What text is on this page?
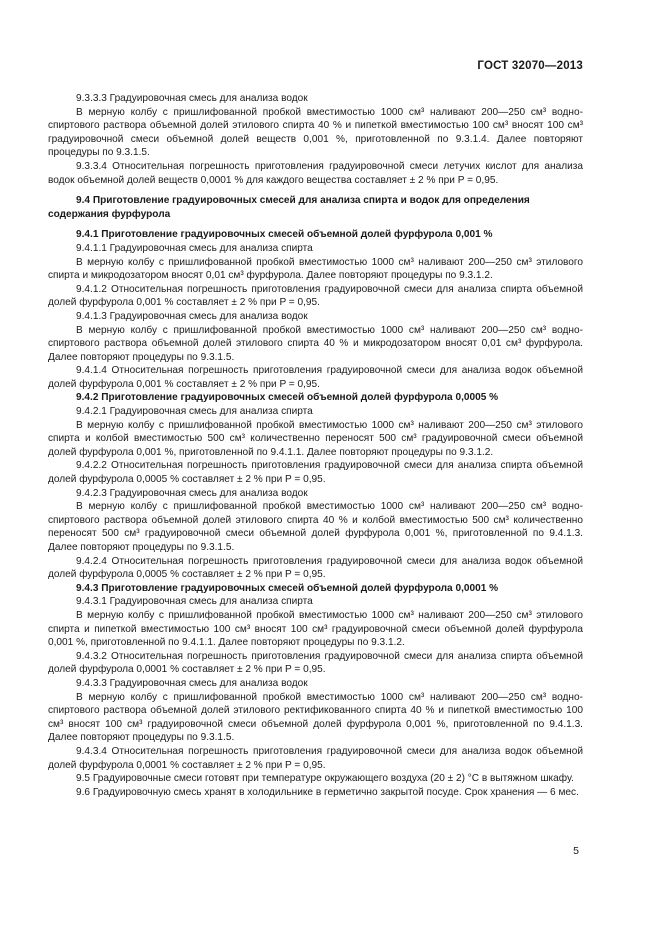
ГОСТ 32070—2013

9.3.3.3 Градуировочная смесь для анализа водок

В мерную колбу с пришлифованной пробкой вместимостью 1000 см³ наливают 200—250 см³ водно-спиртового раствора объемной долей этилового спирта 40 % и пипеткой вместимостью 100 см³ вносят 100 см³ градуировочной смеси объемной долей веществ 0,001 %, приготовленной по 9.3.1.4. Далее повторяют процедуры по 9.3.1.5.

9.3.3.4 Относительная погрешность приготовления градуировочной смеси летучих кислот для анализа водок объемной долей веществ 0,0001 % для каждого вещества составляет ± 2 % при P = 0,95.

9.4 Приготовление градуировочных смесей для анализа спирта и водок для определения содержания фурфурола

9.4.1 Приготовление градуировочных смесей объемной долей фурфурола 0,001 %

9.4.1.1 Градуировочная смесь для анализа спирта

В мерную колбу с пришлифованной пробкой вместимостью 1000 см³ наливают 200—250 см³ этилового спирта и микродозатором вносят 0,01 см³ фурфурола. Далее повторяют процедуры по 9.3.1.2.

9.4.1.2 Относительная погрешность приготовления градуировочной смеси для анализа спирта объемной долей фурфурола 0,001 % составляет ± 2 % при P = 0,95.

9.4.1.3 Градуировочная смесь для анализа водок

В мерную колбу с пришлифованной пробкой вместимостью 1000 см³ наливают 200—250 см³ водно-спиртового раствора объемной долей этилового спирта 40 % и микродозатором вносят 0,01 см³ фурфурола. Далее повторяют процедуры по 9.3.1.5.

9.4.1.4 Относительная погрешность приготовления градуировочной смеси для анализа водок объемной долей фурфурола 0,001 % составляет ± 2 % при P = 0,95.

9.4.2 Приготовление градуировочных смесей объемной долей фурфурола 0,0005 %

9.4.2.1 Градуировочная смесь для анализа спирта

В мерную колбу с пришлифованной пробкой вместимостью 1000 см³ наливают 200—250 см³ этилового спирта и колбой вместимостью 500 см³ количественно переносят 500 см³ градуировочной смеси объемной долей фурфурола 0,001 %, приготовленной по 9.4.1.1. Далее повторяют процедуры по 9.3.1.2.

9.4.2.2 Относительная погрешность приготовления градуировочной смеси для анализа спирта объемной долей фурфурола 0,0005 % составляет ± 2 % при P = 0,95.

9.4.2.3 Градуировочная смесь для анализа водок

В мерную колбу с пришлифованной пробкой вместимостью 1000 см³ наливают 200—250 см³ водно-спиртового раствора объемной долей этилового спирта 40 % и колбой вместимостью 500 см³ количественно переносят 500 см³ градуировочной смеси объемной долей фурфурола 0,001 %, приготовленной по 9.4.1.3. Далее повторяют процедуры по 9.3.1.5.

9.4.2.4 Относительная погрешность приготовления градуировочной смеси для анализа водок объемной долей фурфурола 0,0005 % составляет ± 2 % при P = 0,95.

9.4.3 Приготовление градуировочных смесей объемной долей фурфурола 0,0001 %

9.4.3.1 Градуировочная смесь для анализа спирта

В мерную колбу с пришлифованной пробкой вместимостью 1000 см³ наливают 200—250 см³ этилового спирта и пипеткой вместимостью 100 см³ вносят 100 см³ градуировочной смеси объемной долей фурфурола 0,001 %, приготовленной по 9.4.1.1. Далее повторяют процедуры по 9.3.1.2.

9.4.3.2 Относительная погрешность приготовления градуировочной смеси для анализа спирта объемной долей фурфурола 0,0001 % составляет ± 2 % при P = 0,95.

9.4.3.3 Градуировочная смесь для анализа водок

В мерную колбу с пришлифованной пробкой вместимостью 1000 см³ наливают 200—250 см³ водно-спиртового раствора объемной долей этилового ректификованного спирта 40 % и пипеткой вместимостью 100 см³ вносят 100 см³ градуировочной смеси объемной долей фурфурола 0,001 %, приготовленной по 9.4.1.3. Далее повторяют процедуры по 9.3.1.5.

9.4.3.4 Относительная погрешность приготовления градуировочной смеси для анализа водок объемной долей фурфурола 0,0001 % составляет ± 2 % при P = 0,95.

9.5 Градуировочные смеси готовят при температуре окружающего воздуха (20 ± 2) °С в вытяжном шкафу.

9.6 Градуировочную смесь хранят в холодильнике в герметично закрытой посуде. Срок хранения — 6 мес.

5
